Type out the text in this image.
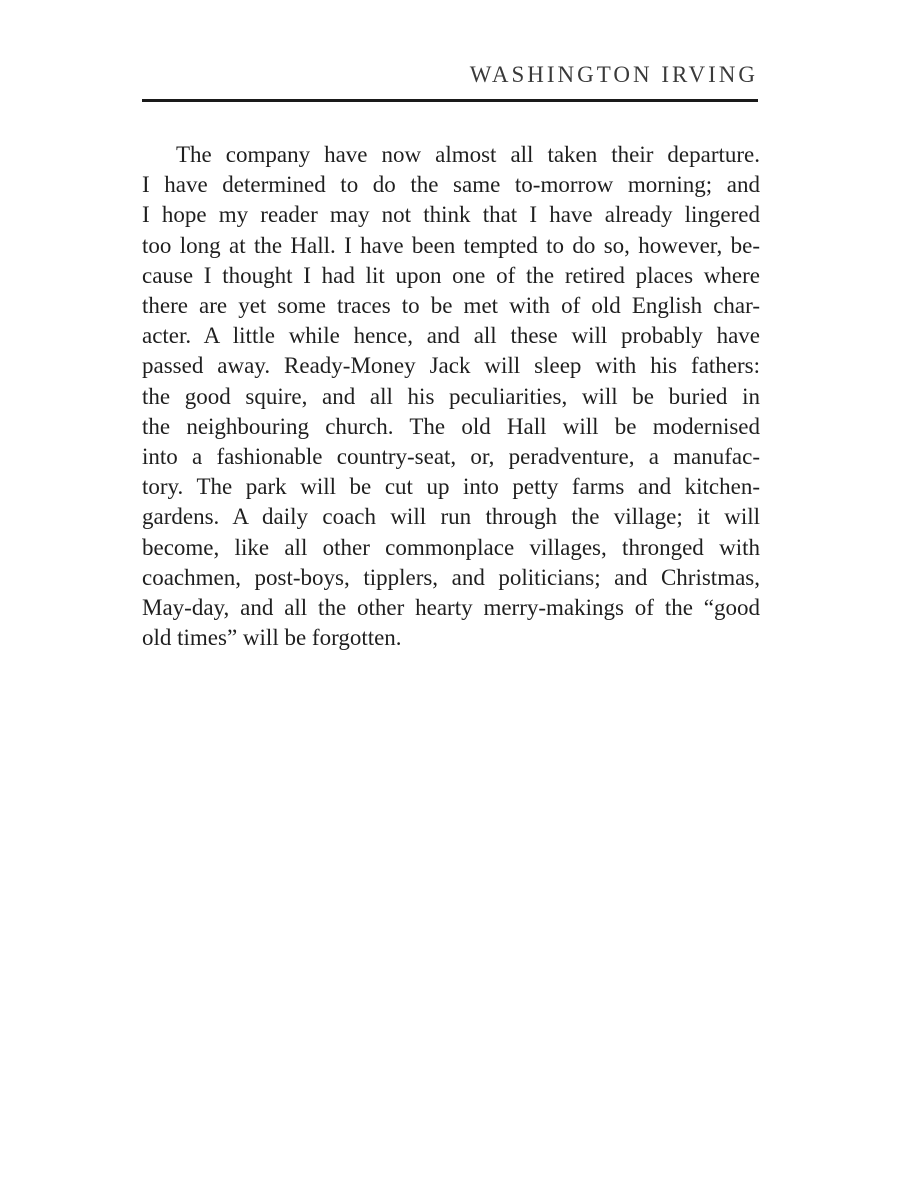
WASHINGTON IRVING
The company have now almost all taken their departure.
I have determined to do the same to-morrow morning; and
I hope my reader may not think that I have already lingered
too long at the Hall. I have been tempted to do so, however, be-
cause I thought I had lit upon one of the retired places where
there are yet some traces to be met with of old English char-
acter. A little while hence, and all these will probably have
passed away. Ready-Money Jack will sleep with his fathers:
the good squire, and all his peculiarities, will be buried in
the neighbouring church. The old Hall will be modernised
into a fashionable country-seat, or, peradventure, a manufac-
tory. The park will be cut up into petty farms and kitchen-
gardens. A daily coach will run through the village; it will
become, like all other commonplace villages, thronged with
coachmen, post-boys, tipplers, and politicians; and Christmas,
May-day, and all the other hearty merry-makings of the “good
old times” will be forgotten.
